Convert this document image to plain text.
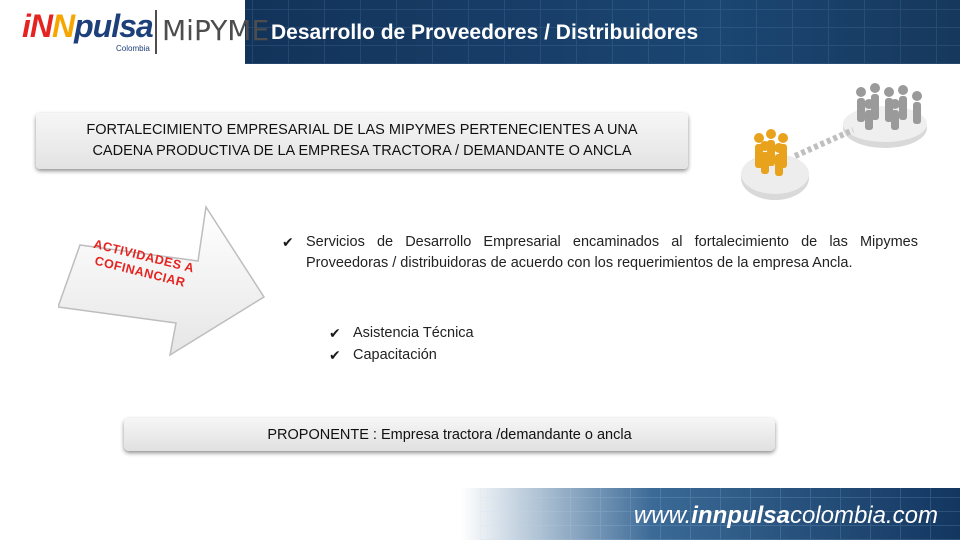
iNNpulsa
Colombia
MiPYME Desarrollo de Proveedores / Distribuidores
FORTALECIMIENTO EMPRESARIAL DE LAS MIPYMES PERTENECIENTES A UNA
CADENA PRODUCTIVA DE LA EMPRESA TRACTORA / DEMANDANTE O ANCLA
ACTIVIDADES A COFINANCIAR
✔ Servicios de Desarrollo Empresarial encaminados al fortalecimiento de las Mipymes Proveedoras / distribuidoras de acuerdo con los requerimientos de la empresa Ancla.
✔ Asistencia Técnica
✔ Capacitación
PROPONENTE : Empresa tractora /demandante o ancla
www.innpulsacolombia.com
